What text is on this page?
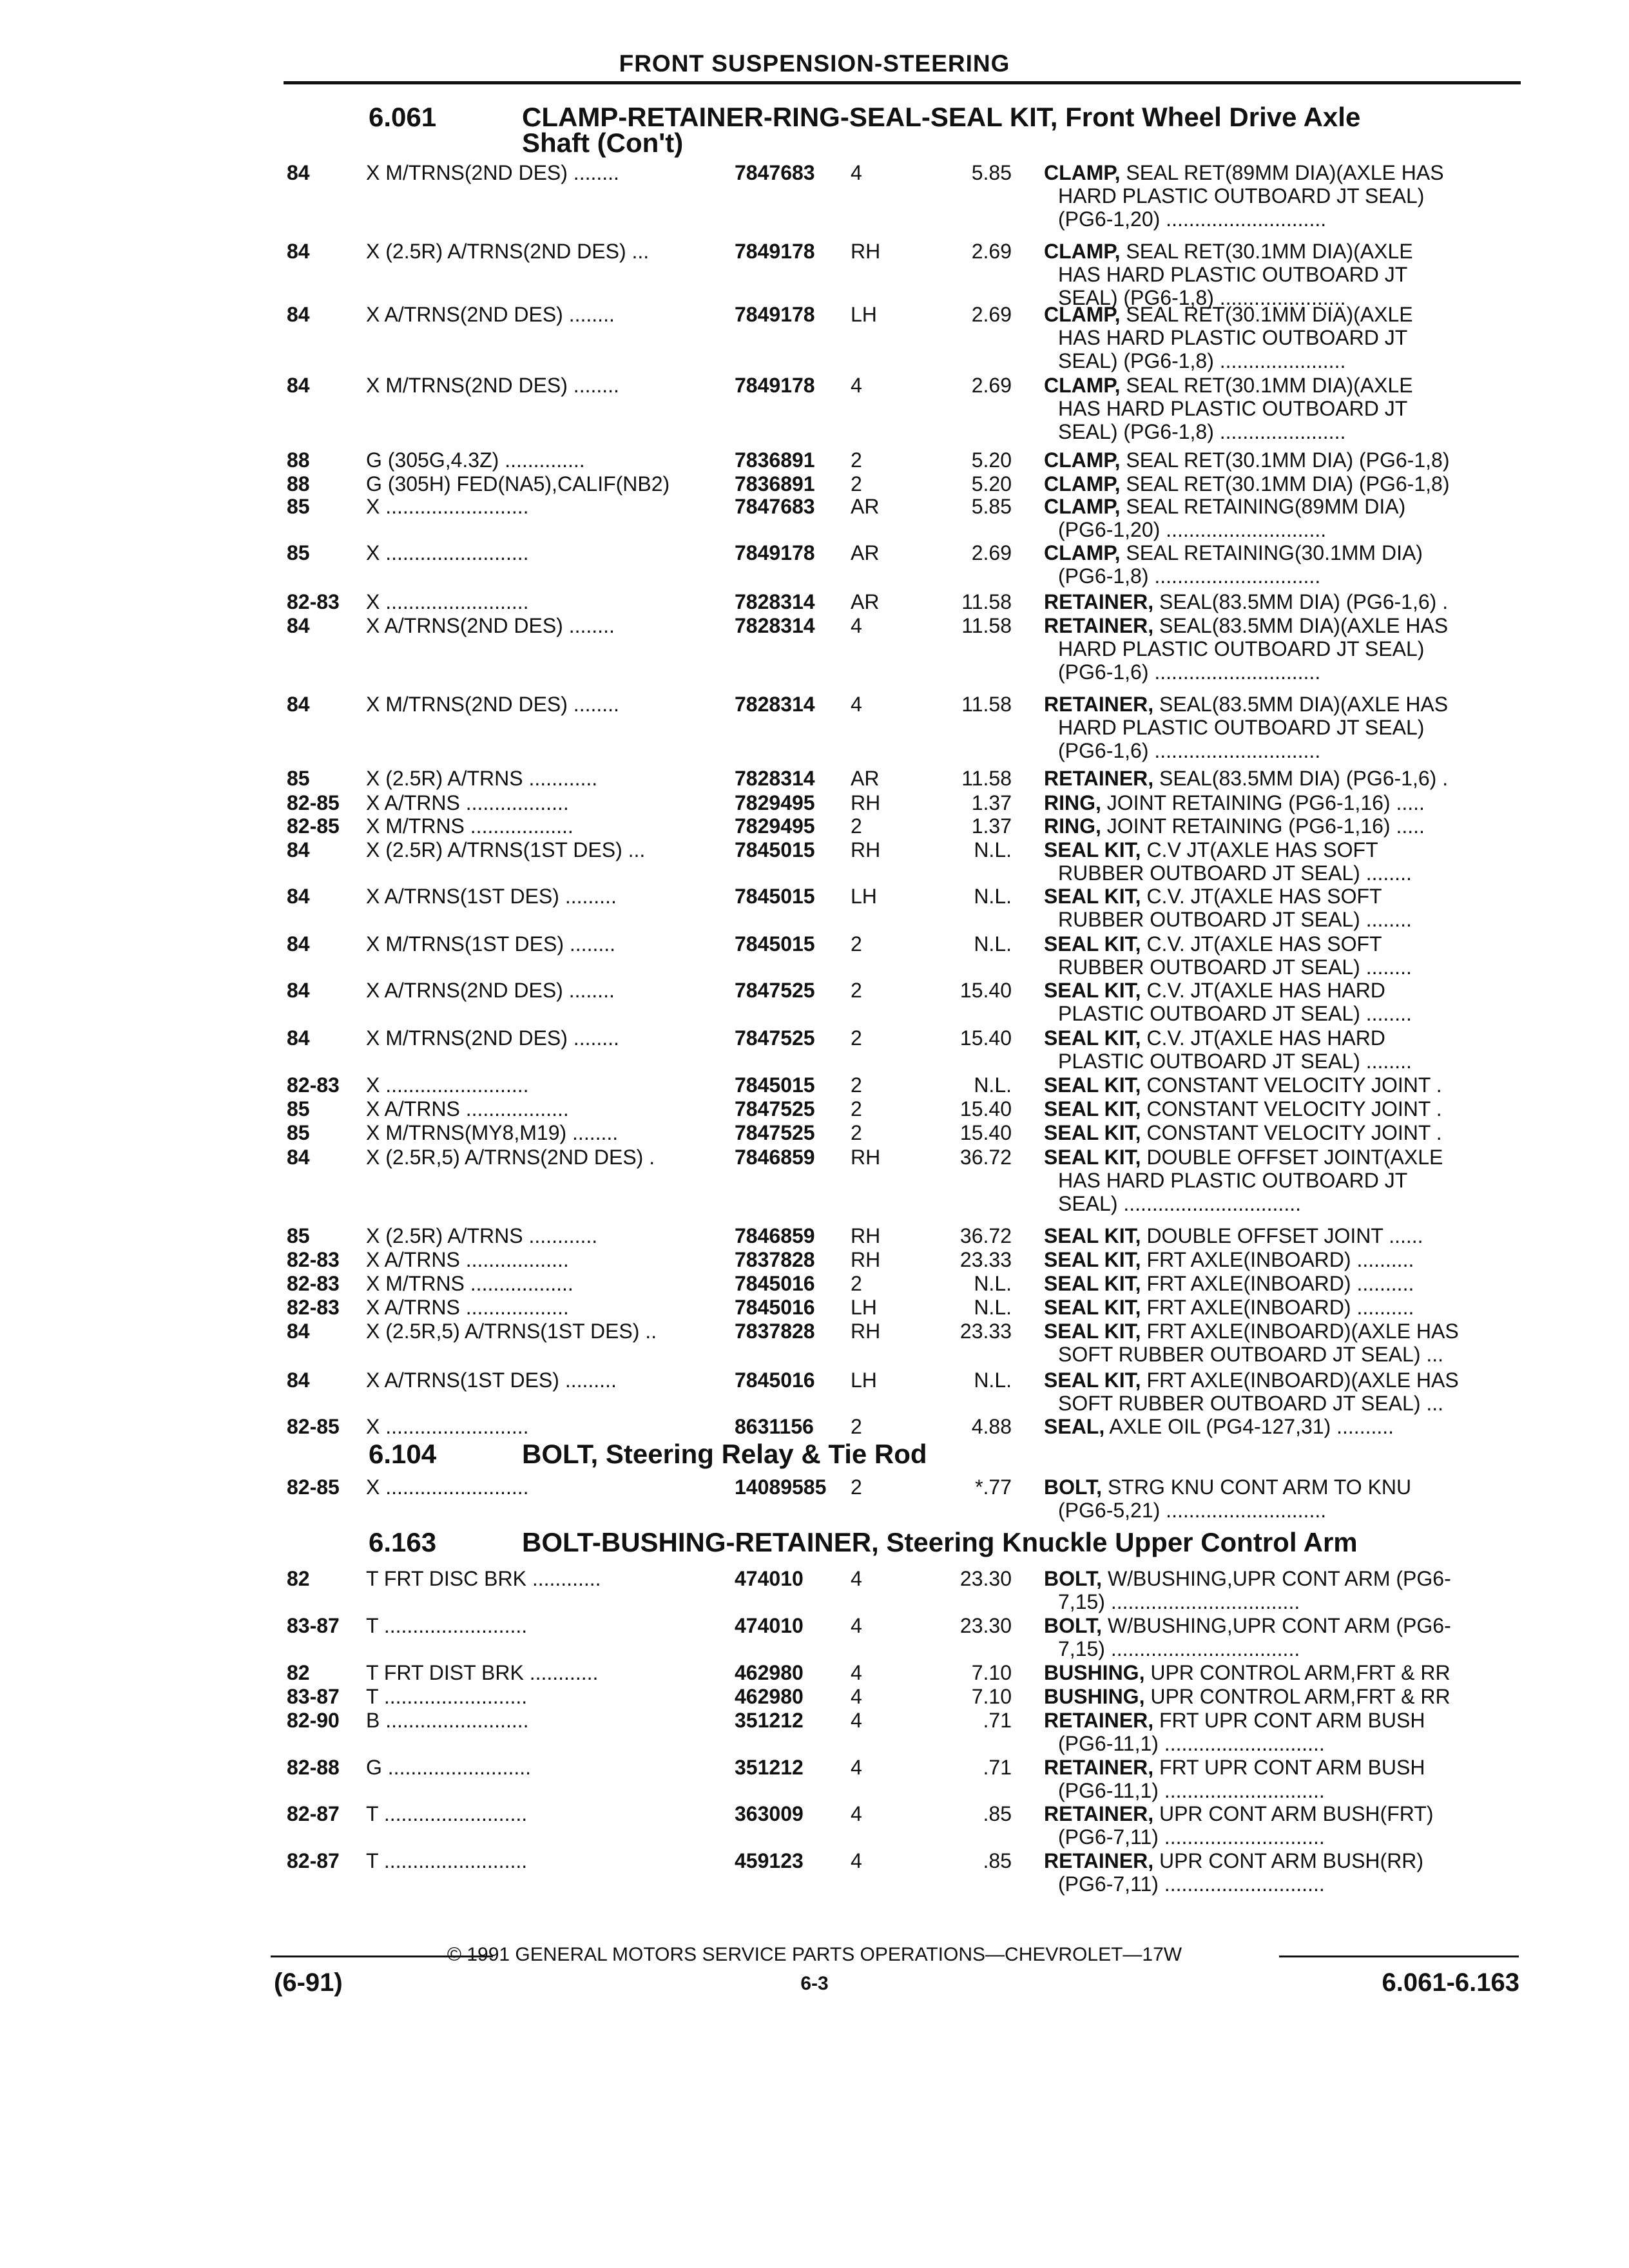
FRONT SUSPENSION-STEERING
6.061	CLAMP-RETAINER-RING-SEAL-SEAL KIT, Front Wheel Drive Axle
Shaft (Con't)
6.104	BOLT, Steering Relay & Tie Rod
6.163	BOLT-BUSHING-RETAINER, Steering Knuckle Upper Control Arm
84	X M/TRNS(2ND DES) ........	7847683 4	5.85 CLAMP, SEAL RET(89MM DIA)(AXLE HAS
HARD PLASTIC OUTBOARD JT SEAL)
(PG6-1,20) ............................
84	X (2.5R) A/TRNS(2ND DES) ...	7849178 RH	2.69 CLAMP, SEAL RET(30.1MM DIA)(AXLE
HAS HARD PLASTIC OUTBOARD JT
SEAL) (PG6-1,8) ......................
84	X A/TRNS(2ND DES) ........	7849178 LH	2.69 CLAMP, SEAL RET(30.1MM DIA)(AXLE
HAS HARD PLASTIC OUTBOARD JT
SEAL) (PG6-1,8) ......................
84	X M/TRNS(2ND DES) ........	7849178 4	2.69 CLAMP, SEAL RET(30.1MM DIA)(AXLE
HAS HARD PLASTIC OUTBOARD JT
SEAL) (PG6-1,8) ......................
88	G (305G,4.3Z) ..............	7836891 2	5.20 CLAMP, SEAL RET(30.1MM DIA) (PG6-1,8)
88	G (305H) FED(NA5),CALIF(NB2)	7836891 2	5.20 CLAMP, SEAL RET(30.1MM DIA) (PG6-1,8)
85	X .........................	7847683 AR	5.85 CLAMP, SEAL RETAINING(89MM DIA)
(PG6-1,20) ............................
85	X .........................	7849178 AR	2.69 CLAMP, SEAL RETAINING(30.1MM DIA)
(PG6-1,8) .............................
82-83 X .........................	7828314 AR	11.58 RETAINER, SEAL(83.5MM DIA) (PG6-1,6) .
84	X A/TRNS(2ND DES) ........	7828314 4	11.58 RETAINER, SEAL(83.5MM DIA)(AXLE HAS
HARD PLASTIC OUTBOARD JT SEAL)
(PG6-1,6) .............................
84	X M/TRNS(2ND DES) ........	7828314 4	11.58 RETAINER, SEAL(83.5MM DIA)(AXLE HAS
HARD PLASTIC OUTBOARD JT SEAL)
(PG6-1,6) .............................
85	X (2.5R) A/TRNS ............	7828314 AR	11.58 RETAINER, SEAL(83.5MM DIA) (PG6-1,6) .
82-85 X A/TRNS ..................	7829495 RH	1.37 RING, JOINT RETAINING (PG6-1,16) .....
82-85 X M/TRNS ..................	7829495 2	1.37 RING, JOINT RETAINING (PG6-1,16) .....
84	X (2.5R) A/TRNS(1ST DES) ...	7845015 RH	N.L. SEAL KIT, C.V JT(AXLE HAS SOFT
RUBBER OUTBOARD JT SEAL) ........
84	X A/TRNS(1ST DES) .........	7845015 LH	N.L. SEAL KIT, C.V. JT(AXLE HAS SOFT
RUBBER OUTBOARD JT SEAL) ........
84	X M/TRNS(1ST DES) ........	7845015 2	N.L. SEAL KIT, C.V. JT(AXLE HAS SOFT
RUBBER OUTBOARD JT SEAL) ........
84	X A/TRNS(2ND DES) ........	7847525 2	15.40 SEAL KIT, C.V. JT(AXLE HAS HARD
PLASTIC OUTBOARD JT SEAL) ........
84	X M/TRNS(2ND DES) ........	7847525 2	15.40 SEAL KIT, C.V. JT(AXLE HAS HARD
PLASTIC OUTBOARD JT SEAL) ........
82-83 X .........................	7845015 2	N.L. SEAL KIT, CONSTANT VELOCITY JOINT .
85	X A/TRNS ..................	7847525 2	15.40 SEAL KIT, CONSTANT VELOCITY JOINT .
85	X M/TRNS(MY8,M19) ........	7847525 2	15.40 SEAL KIT, CONSTANT VELOCITY JOINT .
84	X (2.5R,5) A/TRNS(2ND DES) .	7846859 RH	36.72 SEAL KIT, DOUBLE OFFSET JOINT(AXLE
HAS HARD PLASTIC OUTBOARD JT
SEAL) ...............................
85	X (2.5R) A/TRNS ............	7846859 RH	36.72 SEAL KIT, DOUBLE OFFSET JOINT ......
82-83 X A/TRNS ..................	7837828 RH	23.33 SEAL KIT, FRT AXLE(INBOARD) ..........
82-83 X M/TRNS ..................	7845016 2	N.L. SEAL KIT, FRT AXLE(INBOARD) ..........
82-83 X A/TRNS ..................	7845016 LH	N.L. SEAL KIT, FRT AXLE(INBOARD) ..........
84	X (2.5R,5) A/TRNS(1ST DES) ..	7837828 RH	23.33 SEAL KIT, FRT AXLE(INBOARD)(AXLE HAS
SOFT RUBBER OUTBOARD JT SEAL) ...
84	X A/TRNS(1ST DES) .........	7845016 LH	N.L. SEAL KIT, FRT AXLE(INBOARD)(AXLE HAS
SOFT RUBBER OUTBOARD JT SEAL) ...
82-85 X .........................	8631156 2	4.88 SEAL, AXLE OIL (PG4-127,31) ..........
82-85 X .........................	14089585 2	*.77 BOLT, STRG KNU CONT ARM TO KNU
(PG6-5,21) ............................
82	T FRT DISC BRK ............	474010 4	23.30 BOLT, W/BUSHING,UPR CONT ARM (PG6-
7,15) .................................
83-87 T .........................	474010 4	23.30 BOLT, W/BUSHING,UPR CONT ARM (PG6-
7,15) .................................
82	T FRT DIST BRK ............	462980 4	7.10 BUSHING, UPR CONTROL ARM,FRT & RR
83-87 T .........................	462980 4	7.10 BUSHING, UPR CONTROL ARM,FRT & RR
82-90 B .........................	351212 4	.71 RETAINER, FRT UPR CONT ARM BUSH
(PG6-11,1) ............................
82-88 G .........................	351212 4	.71 RETAINER, FRT UPR CONT ARM BUSH
(PG6-11,1) ............................
82-87 T .........................	363009 4	.85 RETAINER, UPR CONT ARM BUSH(FRT)
(PG6-7,11) ............................
82-87 T .........................	459123 4	.85 RETAINER, UPR CONT ARM BUSH(RR)
(PG6-7,11) ............................
© 1991 GENERAL MOTORS SERVICE PARTS OPERATIONS—CHEVROLET—17W
(6-91)	6-3	6.061-6.163
